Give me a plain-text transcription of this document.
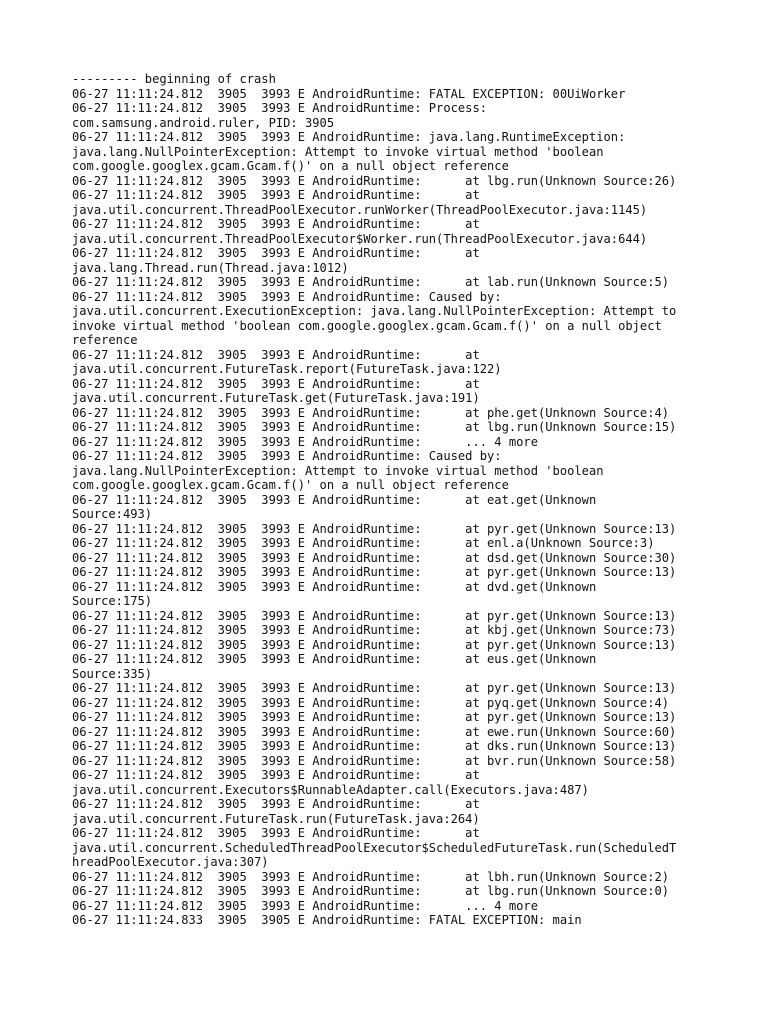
--------- beginning of crash
06-27 11:11:24.812  3905  3993 E AndroidRuntime: FATAL EXCEPTION: 00UiWorker
06-27 11:11:24.812  3905  3993 E AndroidRuntime: Process:
com.samsung.android.ruler, PID: 3905
06-27 11:11:24.812  3905  3993 E AndroidRuntime: java.lang.RuntimeException:
java.lang.NullPointerException: Attempt to invoke virtual method 'boolean
com.google.googlex.gcam.Gcam.f()' on a null object reference
06-27 11:11:24.812  3905  3993 E AndroidRuntime:      at lbg.run(Unknown Source:26)
06-27 11:11:24.812  3905  3993 E AndroidRuntime:      at
java.util.concurrent.ThreadPoolExecutor.runWorker(ThreadPoolExecutor.java:1145)
06-27 11:11:24.812  3905  3993 E AndroidRuntime:      at
java.util.concurrent.ThreadPoolExecutor$Worker.run(ThreadPoolExecutor.java:644)
06-27 11:11:24.812  3905  3993 E AndroidRuntime:      at
java.lang.Thread.run(Thread.java:1012)
06-27 11:11:24.812  3905  3993 E AndroidRuntime:      at lab.run(Unknown Source:5)
06-27 11:11:24.812  3905  3993 E AndroidRuntime: Caused by:
java.util.concurrent.ExecutionException: java.lang.NullPointerException: Attempt to
invoke virtual method 'boolean com.google.googlex.gcam.Gcam.f()' on a null object
reference
06-27 11:11:24.812  3905  3993 E AndroidRuntime:      at
java.util.concurrent.FutureTask.report(FutureTask.java:122)
06-27 11:11:24.812  3905  3993 E AndroidRuntime:      at
java.util.concurrent.FutureTask.get(FutureTask.java:191)
06-27 11:11:24.812  3905  3993 E AndroidRuntime:      at phe.get(Unknown Source:4)
06-27 11:11:24.812  3905  3993 E AndroidRuntime:      at lbg.run(Unknown Source:15)
06-27 11:11:24.812  3905  3993 E AndroidRuntime:      ... 4 more
06-27 11:11:24.812  3905  3993 E AndroidRuntime: Caused by:
java.lang.NullPointerException: Attempt to invoke virtual method 'boolean
com.google.googlex.gcam.Gcam.f()' on a null object reference
06-27 11:11:24.812  3905  3993 E AndroidRuntime:      at eat.get(Unknown
Source:493)
06-27 11:11:24.812  3905  3993 E AndroidRuntime:      at pyr.get(Unknown Source:13)
06-27 11:11:24.812  3905  3993 E AndroidRuntime:      at enl.a(Unknown Source:3)
06-27 11:11:24.812  3905  3993 E AndroidRuntime:      at dsd.get(Unknown Source:30)
06-27 11:11:24.812  3905  3993 E AndroidRuntime:      at pyr.get(Unknown Source:13)
06-27 11:11:24.812  3905  3993 E AndroidRuntime:      at dvd.get(Unknown
Source:175)
06-27 11:11:24.812  3905  3993 E AndroidRuntime:      at pyr.get(Unknown Source:13)
06-27 11:11:24.812  3905  3993 E AndroidRuntime:      at kbj.get(Unknown Source:73)
06-27 11:11:24.812  3905  3993 E AndroidRuntime:      at pyr.get(Unknown Source:13)
06-27 11:11:24.812  3905  3993 E AndroidRuntime:      at eus.get(Unknown
Source:335)
06-27 11:11:24.812  3905  3993 E AndroidRuntime:      at pyr.get(Unknown Source:13)
06-27 11:11:24.812  3905  3993 E AndroidRuntime:      at pyq.get(Unknown Source:4)
06-27 11:11:24.812  3905  3993 E AndroidRuntime:      at pyr.get(Unknown Source:13)
06-27 11:11:24.812  3905  3993 E AndroidRuntime:      at ewe.run(Unknown Source:60)
06-27 11:11:24.812  3905  3993 E AndroidRuntime:      at dks.run(Unknown Source:13)
06-27 11:11:24.812  3905  3993 E AndroidRuntime:      at bvr.run(Unknown Source:58)
06-27 11:11:24.812  3905  3993 E AndroidRuntime:      at
java.util.concurrent.Executors$RunnableAdapter.call(Executors.java:487)
06-27 11:11:24.812  3905  3993 E AndroidRuntime:      at
java.util.concurrent.FutureTask.run(FutureTask.java:264)
06-27 11:11:24.812  3905  3993 E AndroidRuntime:      at
java.util.concurrent.ScheduledThreadPoolExecutor$ScheduledFutureTask.run(ScheduledT
hreadPoolExecutor.java:307)
06-27 11:11:24.812  3905  3993 E AndroidRuntime:      at lbh.run(Unknown Source:2)
06-27 11:11:24.812  3905  3993 E AndroidRuntime:      at lbg.run(Unknown Source:0)
06-27 11:11:24.812  3905  3993 E AndroidRuntime:      ... 4 more
06-27 11:11:24.833  3905  3905 E AndroidRuntime: FATAL EXCEPTION: main
